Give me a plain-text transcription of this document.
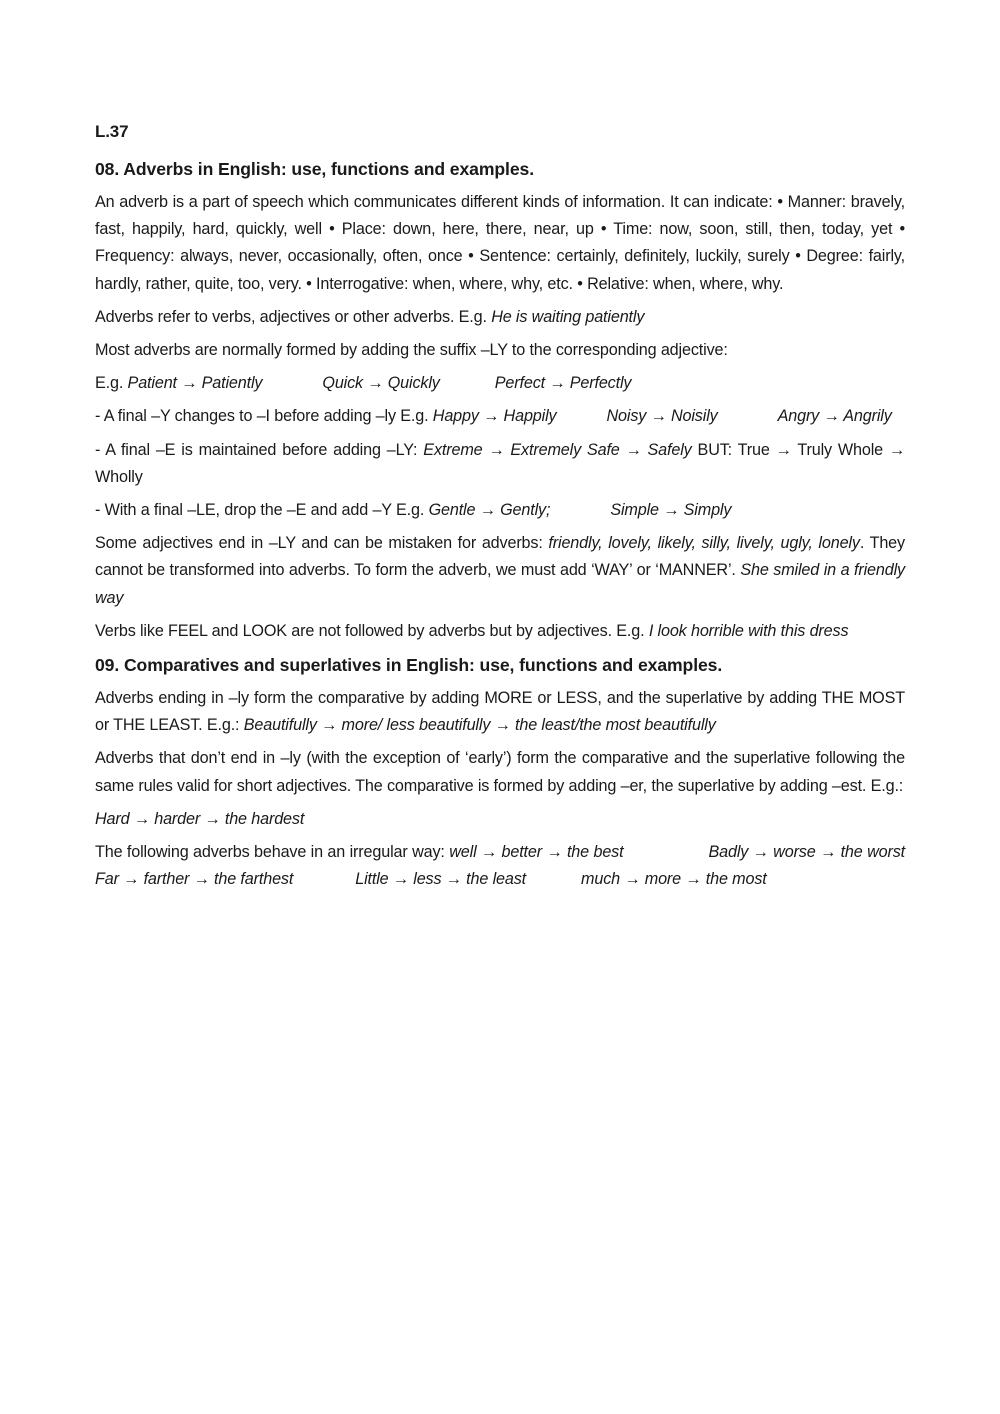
L.37
08. Adverbs in English: use, functions and examples.

An adverb is a part of speech which communicates different kinds of information. It can indicate: • Manner: bravely, fast, happily, hard, quickly, well • Place: down, here, there, near, up • Time: now, soon, still, then, today, yet • Frequency: always, never, occasionally, often, once • Sentence: certainly, definitely, luckily, surely • Degree: fairly, hardly, rather, quite, too, very. • Interrogative: when, where, why, etc. • Relative: when, where, why.

Adverbs refer to verbs, adjectives or other adverbs. E.g. He is waiting patiently

Most adverbs are normally formed by adding the suffix –LY to the corresponding adjective:

E.g. Patient → Patiently	Quick → Quickly	Perfect → Perfectly

- A final –Y changes to –I before adding –ly E.g. Happy → Happily	Noisy → Noisily	Angry → Angrily

- A final –E is maintained before adding –LY: Extreme → Extremely Safe → Safely BUT: True → Truly Whole → Wholly

- With a final –LE, drop the –E and add –Y E.g. Gentle → Gently;	Simple → Simply

Some adjectives end in –LY and can be mistaken for adverbs: friendly, lovely, likely, silly, lively, ugly, lonely. They cannot be transformed into adverbs. To form the adverb, we must add ‘WAY’ or ‘MANNER’. She smiled in a friendly way

Verbs like FEEL and LOOK are not followed by adverbs but by adjectives. E.g. I look horrible with this dress

09. Comparatives and superlatives in English: use, functions and examples.

Adverbs ending in –ly form the comparative by adding MORE or LESS, and the superlative by adding THE MOST or THE LEAST. E.g.: Beautifully → more/ less beautifully → the least/the most beautifully

Adverbs that don’t end in –ly (with the exception of ‘early’) form the comparative and the superlative following the same rules valid for short adjectives. The comparative is formed by adding –er, the superlative by adding –est. E.g.:

Hard → harder → the hardest

The following adverbs behave in an irregular way: well → better → the best	Badly → worse → the worst Far → farther → the farthest	Little → less → the least	much → more → the most
